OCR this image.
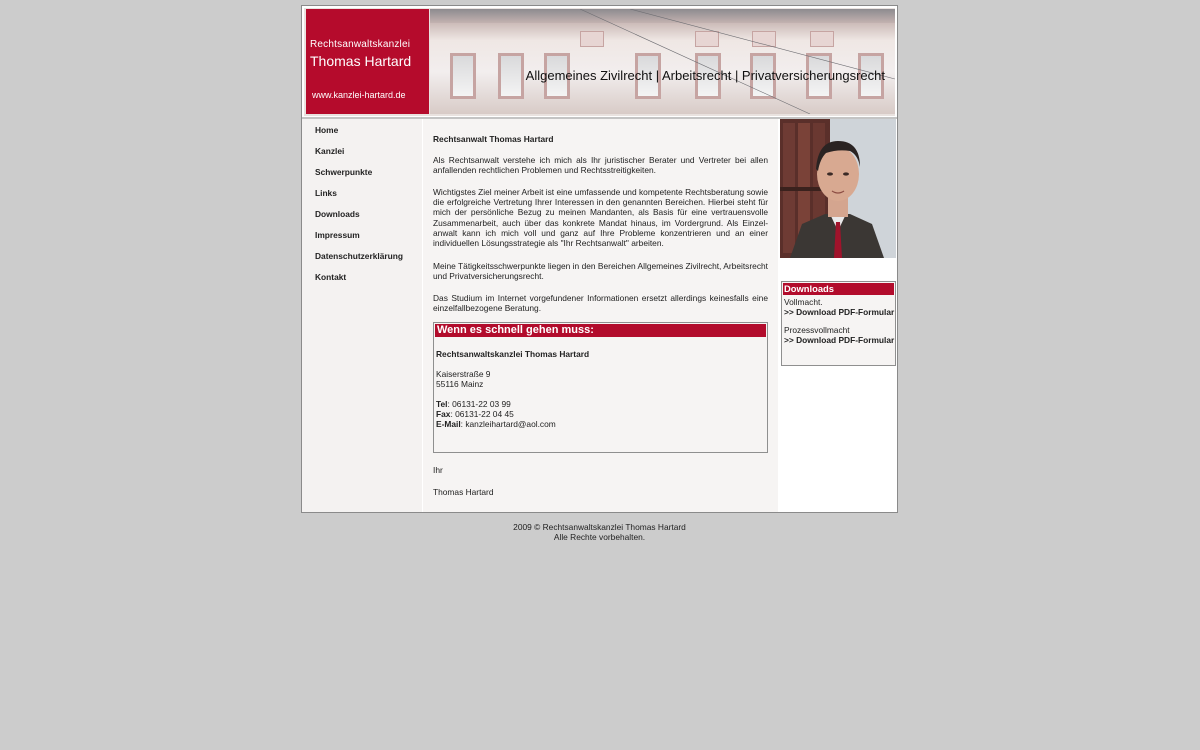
Rechtsanwaltskanzlei
Thomas Hartard
www.kanzlei-hartard.de
Allgemeines Zivilrecht | Arbeitsrecht | Privatversicherungsrecht
Home
Kanzlei
Schwerpunkte
Links
Downloads
Impressum
Datenschutzerklärung
Kontakt

Rechtsanwalt Thomas Hartard

Als Rechtsanwalt verstehe ich mich als Ihr juristischer Berater und Vertreter bei allen anfallenden rechtlichen Problemen und Rechtsstreitigkeiten.

Wichtigstes Ziel meiner Arbeit ist eine umfassende und kompetente Rechtsberatung sowie die erfolgreiche Vertretung Ihrer Interessen in den genannten Bereichen. Hierbei steht für mich der persönliche Bezug zu meinen Mandanten, als Basis für eine vertrauensvolle Zusammenarbeit, auch über das konkrete Mandat hinaus, im Vordergrund. Als Einzel-anwalt kann ich mich voll und ganz auf Ihre Probleme konzentrieren und an einer individuellen Lösungsstrategie als "Ihr Rechtsanwalt" arbeiten.

Meine Tätigkeitsschwerpunkte liegen in den Bereichen Allgemeines Zivilrecht, Arbeitsrecht und Privatversicherungsrecht.

Das Studium im Internet vorgefundener Informationen ersetzt allerdings keinesfalls eine einzelfallbezogene Beratung.

Wenn es schnell gehen muss:
Rechtsanwaltskanzlei Thomas Hartard
Kaiserstraße 9
55116 Mainz
Tel: 06131-22 03 99
Fax: 06131-22 04 45
E-Mail: kanzleihartard@aol.com

Ihr

Thomas Hartard

Downloads
Vollmacht.
>> Download PDF-Formular
Prozessvollmacht
>> Download PDF-Formular
2009 © Rechtsanwaltskanzlei Thomas Hartard
Alle Rechte vorbehalten.
